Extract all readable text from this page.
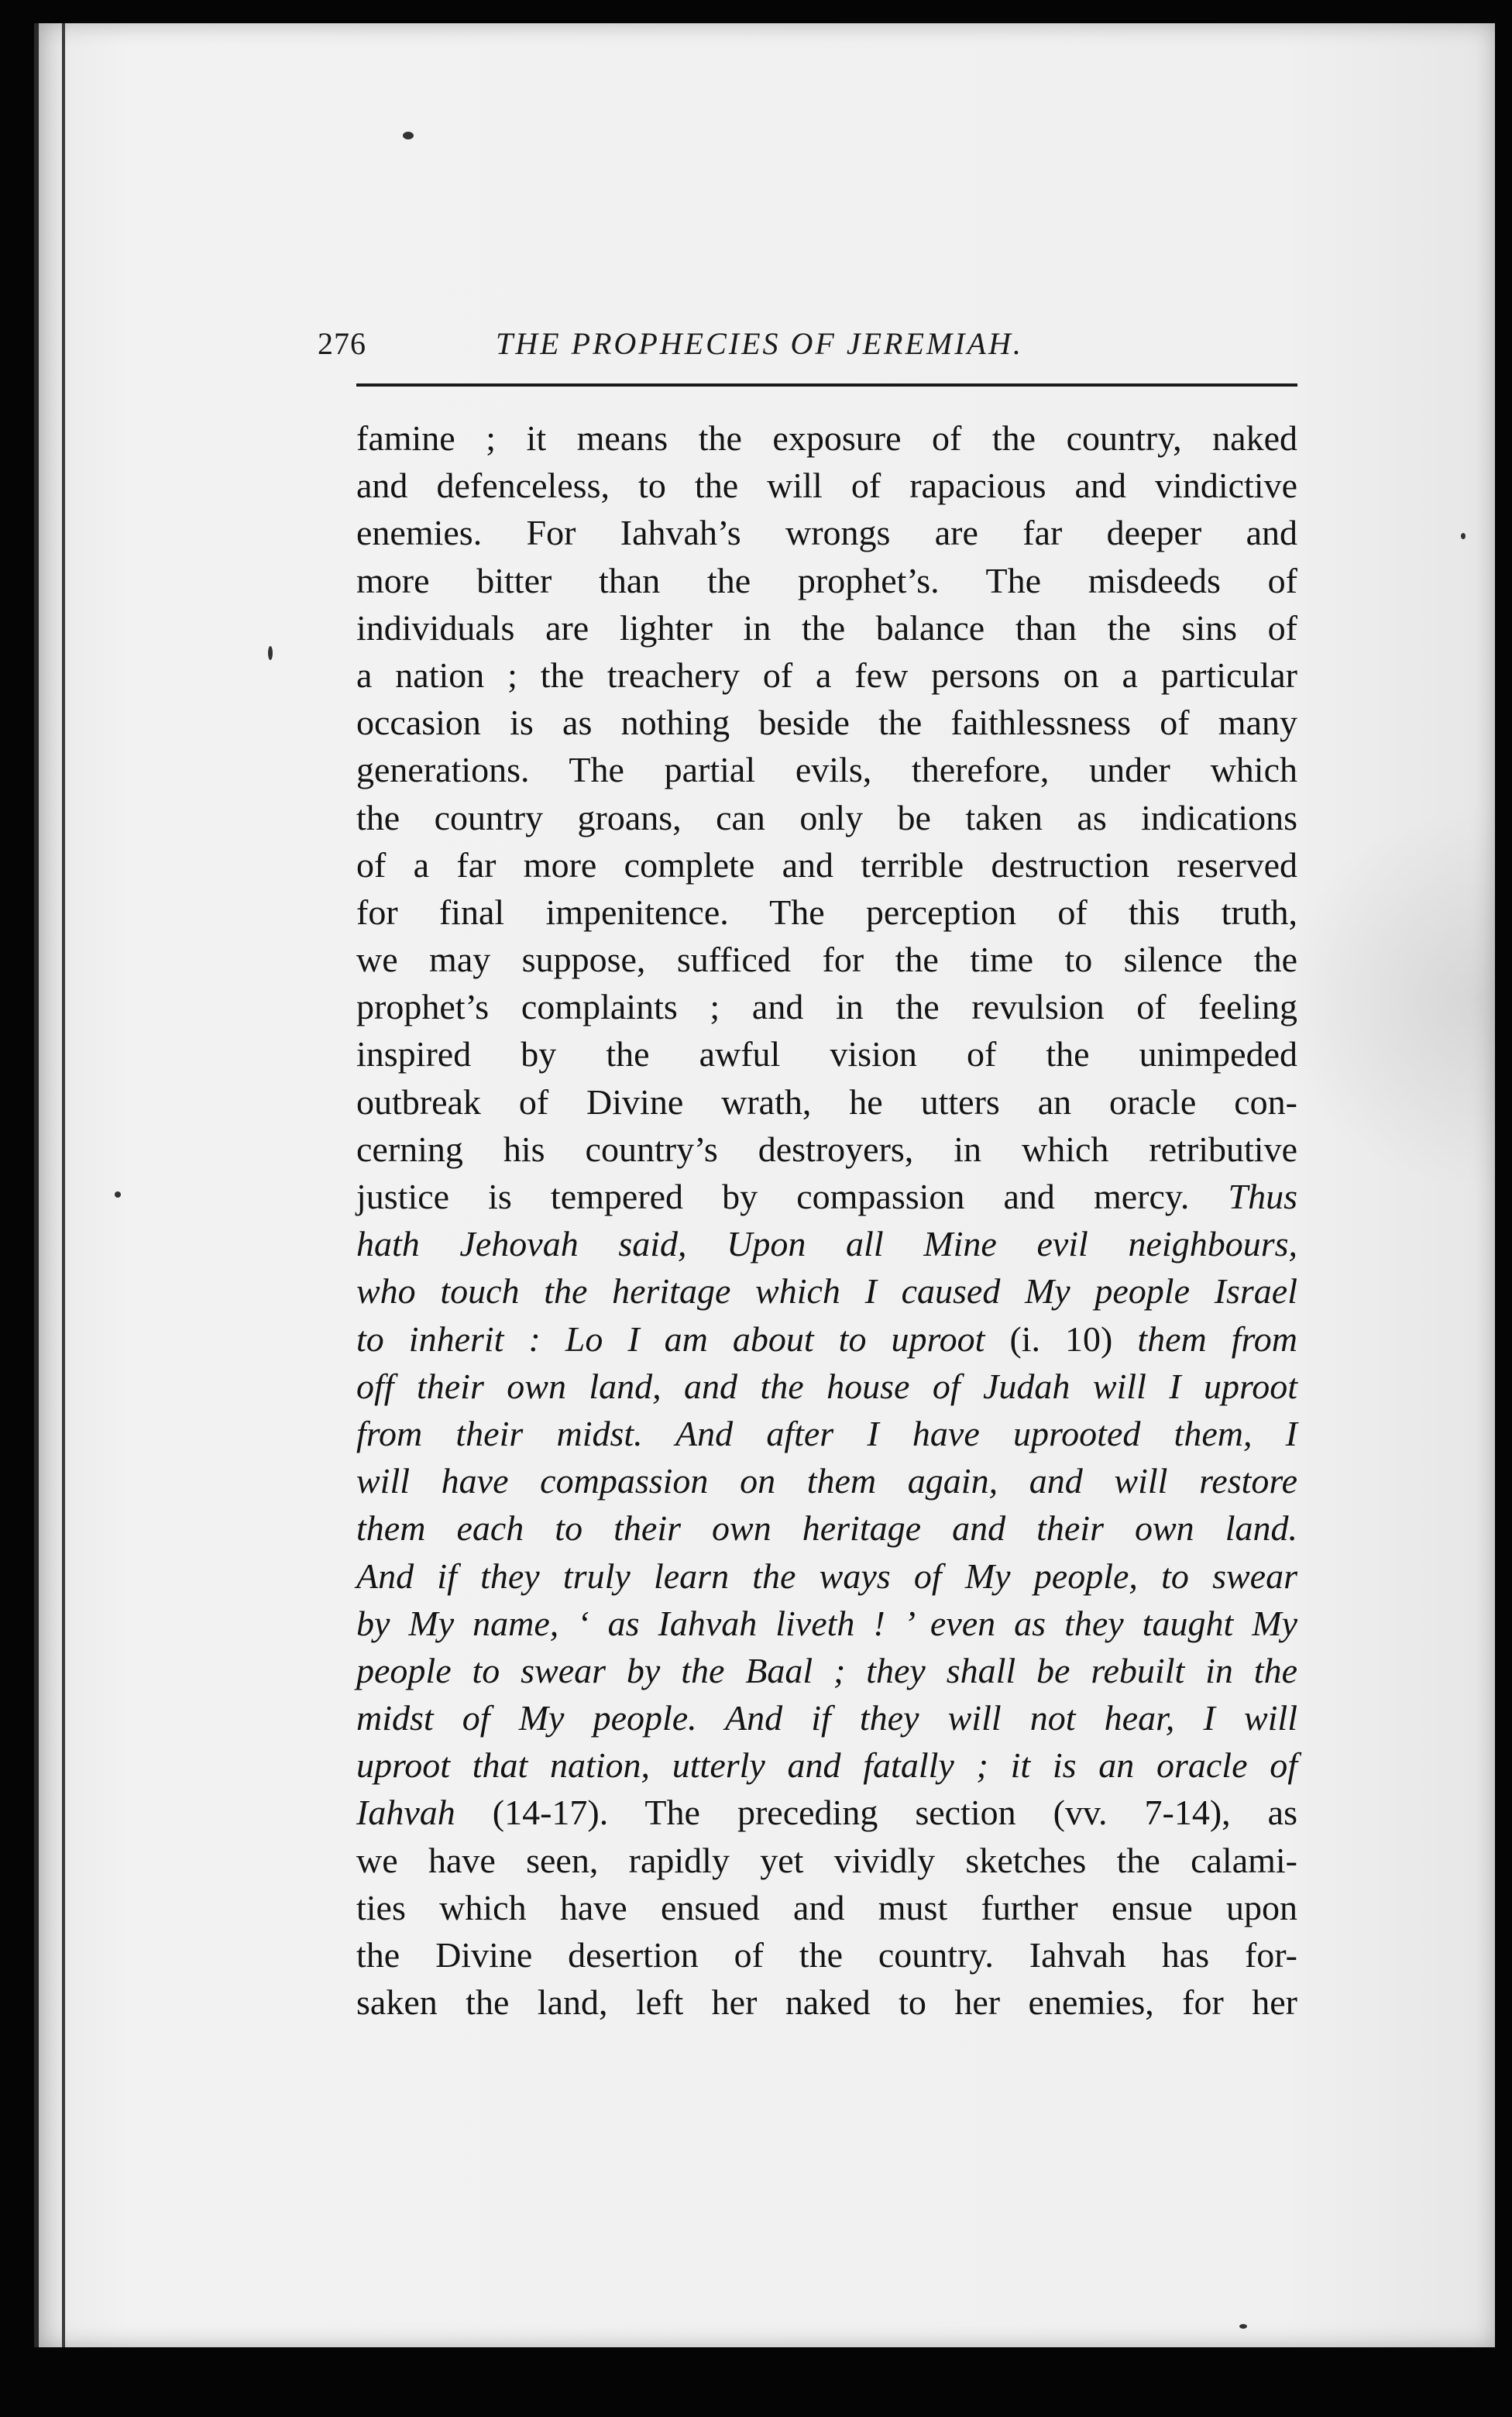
276	THE PROPHECIES OF JEREMIAH.
famine ; it means the exposure of the country, naked
and defenceless, to the will of rapacious and vindictive
enemies. For Iahvah’s wrongs are far deeper and
more bitter than the prophet’s. The misdeeds of
individuals are lighter in the balance than the sins of
a nation ; the treachery of a few persons on a particular
occasion is as nothing beside the faithlessness of many
generations. The partial evils, therefore, under which
the country groans, can only be taken as indications
of a far more complete and terrible destruction reserved
for final impenitence. The perception of this truth,
we may suppose, sufficed for the time to silence the
prophet’s complaints ; and in the revulsion of feeling
inspired by the awful vision of the unimpeded
outbreak of Divine wrath, he utters an oracle con-
cerning his country’s destroyers, in which retributive
justice is tempered by compassion and mercy. Thus
hath Jehovah said, Upon all Mine evil neighbours,
who touch the heritage which I caused My people Israel
to inherit : Lo I am about to uproot (i. 10) them from
off their own land, and the house of Judah will I uproot
from their midst. And after I have uprooted them, I
will have compassion on them again, and will restore
them each to their own heritage and their own land.
And if they truly learn the ways of My people, to swear
by My name, ‘ as Iahvah liveth ! ’ even as they taught My
people to swear by the Baal ; they shall be rebuilt in the
midst of My people. And if they will not hear, I will
uproot that nation, utterly and fatally ; it is an oracle of
Iahvah (14-17). The preceding section (vv. 7-14), as
we have seen, rapidly yet vividly sketches the calami-
ties which have ensued and must further ensue upon
the Divine desertion of the country. Iahvah has for-
saken the land, left her naked to her enemies, for her
